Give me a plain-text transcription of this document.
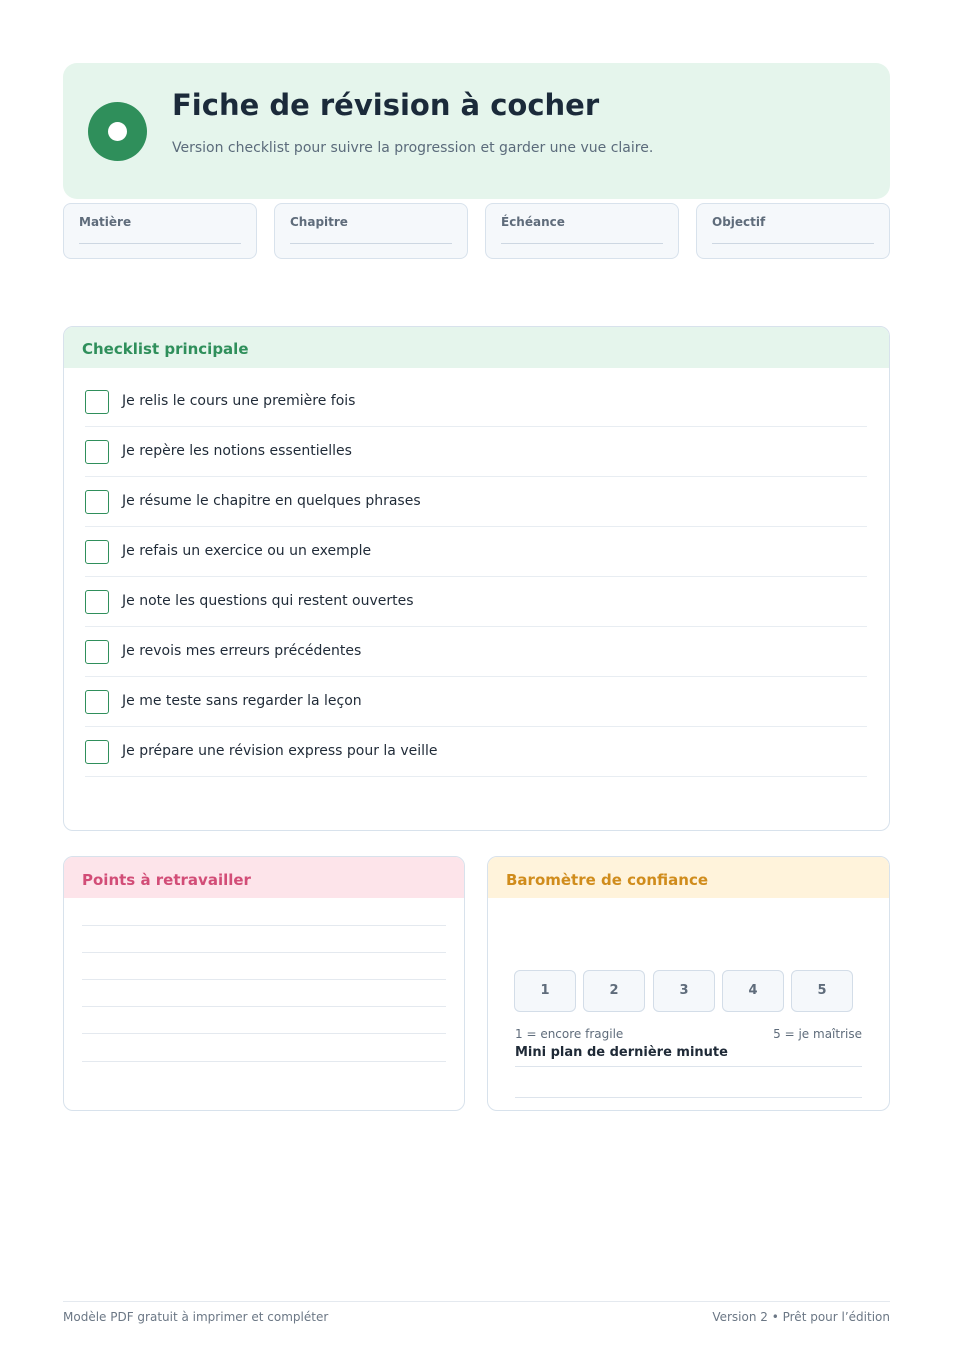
Fiche de révision à cocher
Version checklist pour suivre la progression et garder une vue claire.
Matière	Chapitre	Échéance	Objectif
Checklist principale
Je relis le cours une première fois
Je repère les notions essentielles
Je résume le chapitre en quelques phrases
Je refais un exercice ou un exemple
Je note les questions qui restent ouvertes
Je revois mes erreurs précédentes
Je me teste sans regarder la leçon
Je prépare une révision express pour la veille
Points à retravailler	Baromètre de confiance
1	2	3	4	5
1 = encore fragile	5 = je maîtrise
Mini plan de dernière minute
Modèle PDF gratuit à imprimer et compléter	Version 2 • Prêt pour l’édition
